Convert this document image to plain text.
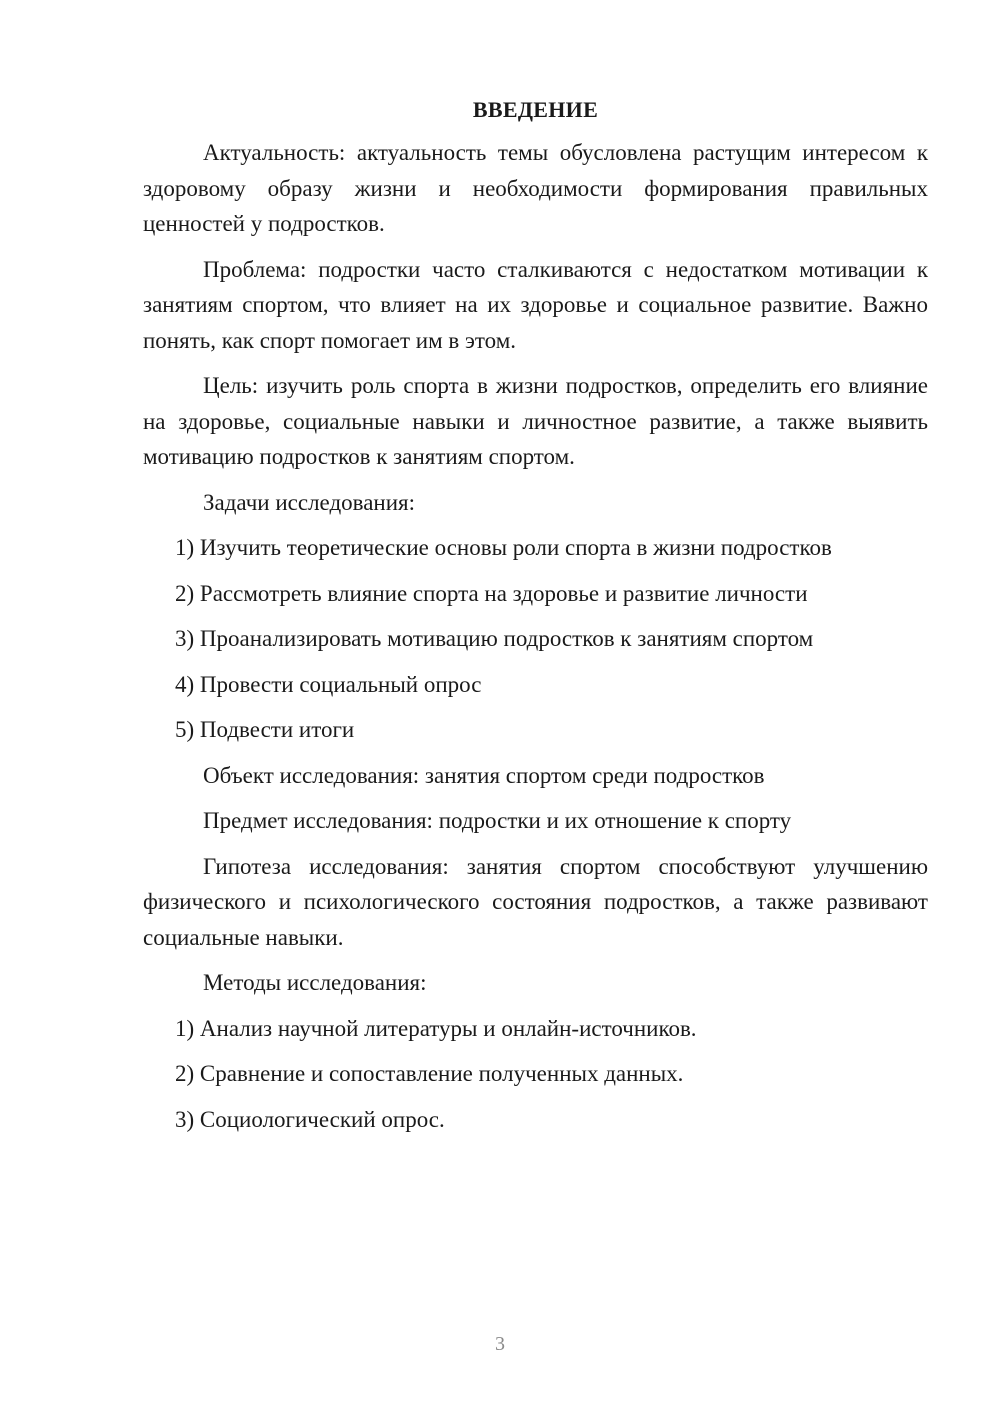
ВВЕДЕНИЕ

Актуальность: актуальность темы обусловлена растущим интересом к здоровому образу жизни и необходимости формирования правильных ценностей у подростков.

Проблема: подростки часто сталкиваются с недостатком мотивации к занятиям спортом, что влияет на их здоровье и социальное развитие. Важно понять, как спорт помогает им в этом.

Цель: изучить роль спорта в жизни подростков, определить его влияние на здоровье, социальные навыки и личностное развитие, а также выявить мотивацию подростков к занятиям спортом.

Задачи исследования:

1) Изучить теоретические основы роли спорта в жизни подростков

2) Рассмотреть влияние спорта на здоровье и развитие личности

3) Проанализировать мотивацию подростков к занятиям спортом

4) Провести социальный опрос

5) Подвести итоги

Объект исследования: занятия спортом среди подростков

Предмет исследования: подростки и их отношение к спорту

Гипотеза исследования: занятия спортом способствуют улучшению физического и психологического состояния подростков, а также развивают социальные навыки.

Методы исследования:

1) Анализ научной литературы и онлайн-источников.

2) Сравнение и сопоставление полученных данных.

3) Социологический опрос.

3
